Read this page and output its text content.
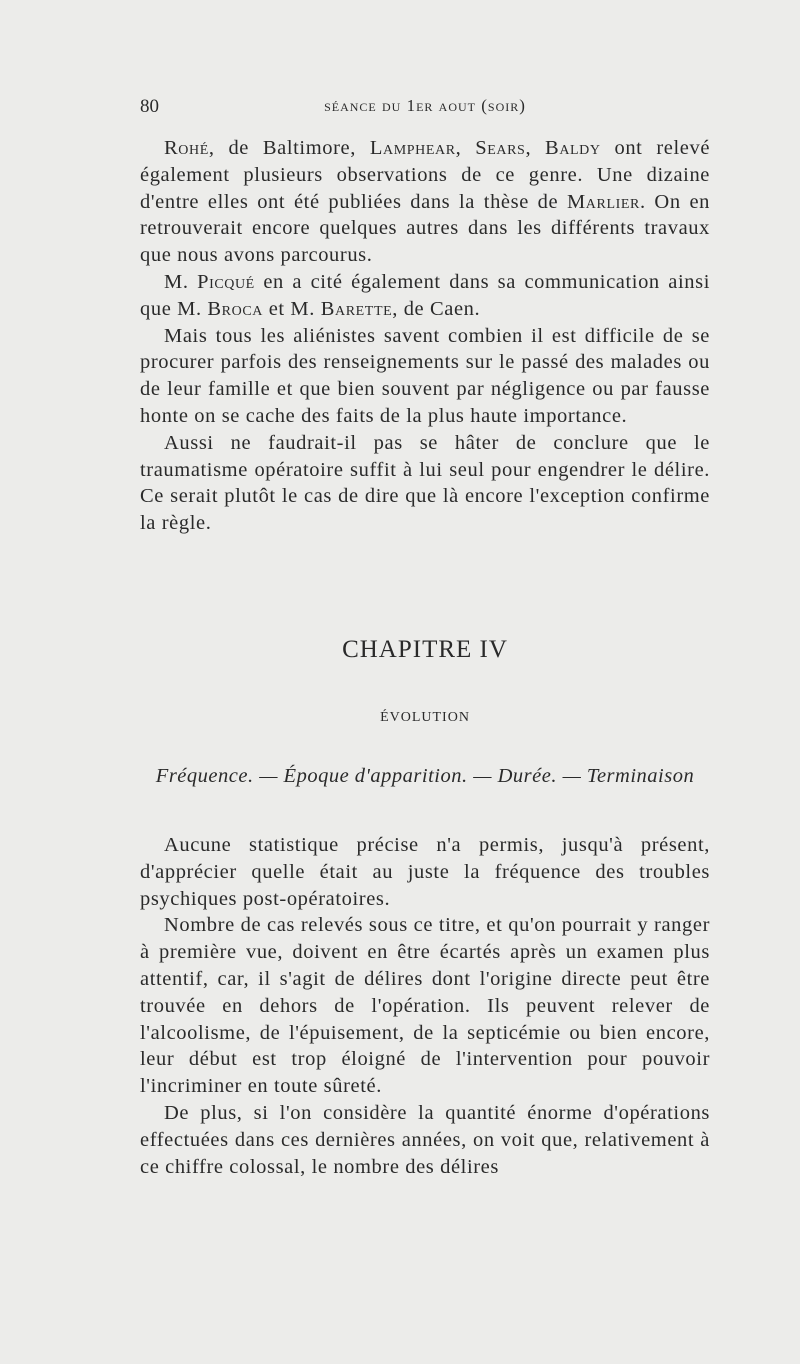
80	séance du 1er aout (soir)

Rohé, de Baltimore, Lamphear, Sears, Baldy ont relevé également plusieurs observations de ce genre. Une dizaine d'entre elles ont été publiées dans la thèse de Marlier. On en retrouverait encore quelques autres dans les différents travaux que nous avons parcourus.

M. Picqué en a cité également dans sa communication ainsi que M. Broca et M. Barette, de Caen.

Mais tous les aliénistes savent combien il est difficile de se procurer parfois des renseignements sur le passé des malades ou de leur famille et que bien souvent par négligence ou par fausse honte on se cache des faits de la plus haute importance.

Aussi ne faudrait-il pas se hâter de conclure que le traumatisme opératoire suffit à lui seul pour engendrer le délire. Ce serait plutôt le cas de dire que là encore l'exception confirme la règle.

CHAPITRE IV
ÉVOLUTION
Fréquence. — Époque d'apparition. — Durée. — Terminaison

Aucune statistique précise n'a permis, jusqu'à présent, d'apprécier quelle était au juste la fréquence des troubles psychiques post-opératoires.

Nombre de cas relevés sous ce titre, et qu'on pourrait y ranger à première vue, doivent en être écartés après un examen plus attentif, car, il s'agit de délires dont l'origine directe peut être trouvée en dehors de l'opération. Ils peuvent relever de l'alcoolisme, de l'épuisement, de la septicémie ou bien encore, leur début est trop éloigné de l'intervention pour pouvoir l'incriminer en toute sûreté.

De plus, si l'on considère la quantité énorme d'opérations effectuées dans ces dernières années, on voit que, relativement à ce chiffre colossal, le nombre des délires
